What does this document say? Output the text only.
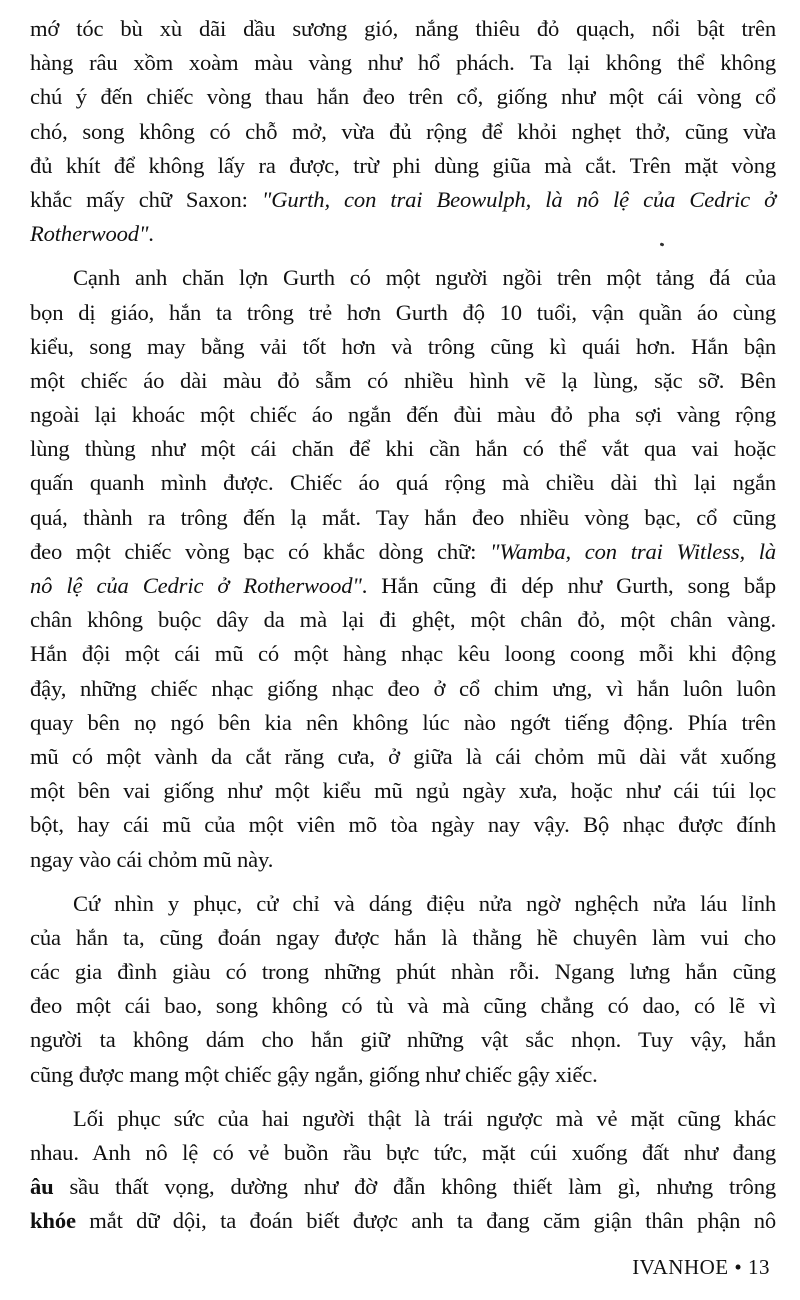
mớ tóc bù xù dãi dầu sương gió, nắng thiêu đỏ quạch, nổi bật trên
hàng râu xồm xoàm màu vàng như hổ phách. Ta lại không thể không
chú ý đến chiếc vòng thau hắn đeo trên cổ, giống như một cái vòng cổ
chó, song không có chỗ mở, vừa đủ rộng để khỏi nghẹt thở, cũng vừa
đủ khít để không lấy ra được, trừ phi dùng giũa mà cắt. Trên mặt vòng
khắc mấy chữ Saxon: "Gurth, con trai Beowulph, là nô lệ của Cedric ở
Rotherwood".
Cạnh anh chăn lợn Gurth có một người ngồi trên một tảng đá của
bọn dị giáo, hắn ta trông trẻ hơn Gurth độ 10 tuổi, vận quần áo cùng
kiểu, song may bằng vải tốt hơn và trông cũng kì quái hơn. Hắn bận
một chiếc áo dài màu đỏ sẫm có nhiều hình vẽ lạ lùng, sặc sỡ. Bên
ngoài lại khoác một chiếc áo ngắn đến đùi màu đỏ pha sợi vàng rộng
lùng thùng như một cái chăn để khi cần hắn có thể vắt qua vai hoặc
quấn quanh mình được. Chiếc áo quá rộng mà chiều dài thì lại ngắn
quá, thành ra trông đến lạ mắt. Tay hắn đeo nhiều vòng bạc, cổ cũng
đeo một chiếc vòng bạc có khắc dòng chữ: "Wamba, con trai Witless, là
nô lệ của Cedric ở Rotherwood". Hắn cũng đi dép như Gurth, song bắp
chân không buộc dây da mà lại đi ghệt, một chân đỏ, một chân vàng.
Hắn đội một cái mũ có một hàng nhạc kêu loong coong mỗi khi động
đậy, những chiếc nhạc giống nhạc đeo ở cổ chim ưng, vì hắn luôn luôn
quay bên nọ ngó bên kia nên không lúc nào ngớt tiếng động. Phía trên
mũ có một vành da cắt răng cưa, ở giữa là cái chỏm mũ dài vắt xuống
một bên vai giống như một kiểu mũ ngủ ngày xưa, hoặc như cái túi lọc
bột, hay cái mũ của một viên mõ tòa ngày nay vậy. Bộ nhạc được đính
ngay vào cái chỏm mũ này.
Cứ nhìn y phục, cử chỉ và dáng điệu nửa ngờ nghệch nửa láu lỉnh
của hắn ta, cũng đoán ngay được hắn là thằng hề chuyên làm vui cho
các gia đình giàu có trong những phút nhàn rỗi. Ngang lưng hắn cũng
đeo một cái bao, song không có tù và mà cũng chẳng có dao, có lẽ vì
người ta không dám cho hắn giữ những vật sắc nhọn. Tuy vậy, hắn
cũng được mang một chiếc gậy ngắn, giống như chiếc gậy xiếc.
Lối phục sức của hai người thật là trái ngược mà vẻ mặt cũng khác
nhau. Anh nô lệ có vẻ buồn rầu bực tức, mặt cúi xuống đất như đang
âu sầu thất vọng, dường như đờ đẫn không thiết làm gì, nhưng trông
khóe mắt dữ dội, ta đoán biết được anh ta đang căm giận thân phận nô
IVANHOE • 13
